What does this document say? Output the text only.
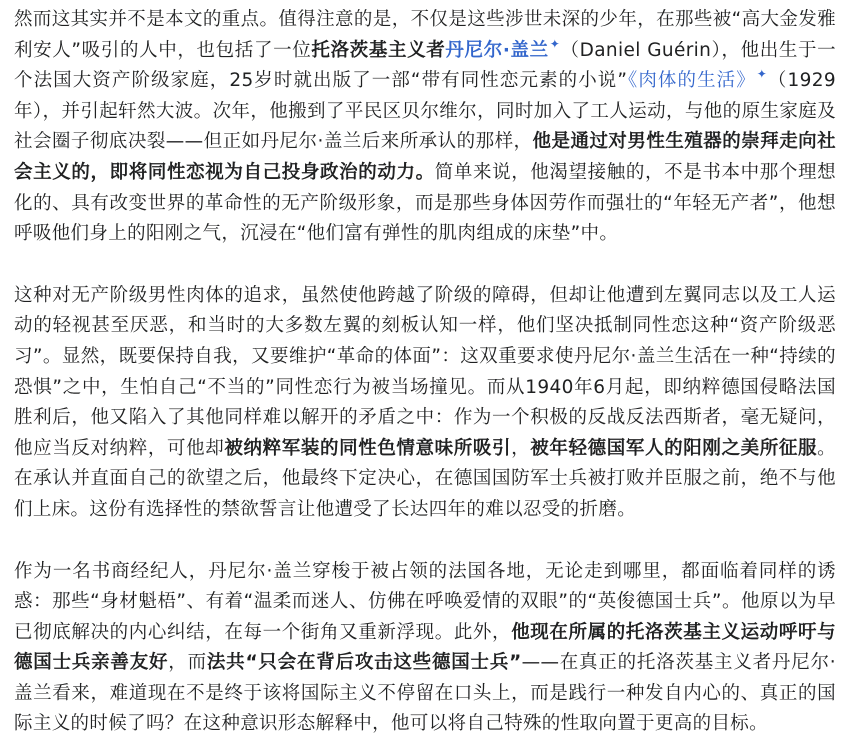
然而这其实并不是本文的重点。值得注意的是，不仅是这些涉世未深的少年，在那些被“高大金发雅利安人”吸引的人中，也包括了一位托洛茨基主义者丹尼尔·盖兰✦（Daniel Guérin），他出生于一个法国大资产阶级家庭，25岁时就出版了一部“带有同性恋元素的小说”《肉体的生活》✦（1929年），并引起轩然大波。次年，他搬到了平民区贝尔维尔，同时加入了工人运动，与他的原生家庭及社会圈子彻底决裂——但正如丹尼尔·盖兰后来所承认的那样，他是通过对男性生殖器的崇拜走向社会主义的，即将同性恋视为自己投身政治的动力。简单来说，他渴望接触的，不是书本中那个理想化的、具有改变世界的革命性的无产阶级形象，而是那些身体因劳作而强壮的“年轻无产者”，他想呼吸他们身上的阳刚之气，沉浸在“他们富有弹性的肌肉组成的床垫”中。

这种对无产阶级男性肉体的追求，虽然使他跨越了阶级的障碍，但却让他遭到左翼同志以及工人运动的轻视甚至厌恶，和当时的大多数左翼的刻板认知一样，他们坚决抵制同性恋这种“资产阶级恶习”。显然，既要保持自我，又要维护“革命的体面”：这双重要求使丹尼尔·盖兰生活在一种“持续的恐惧”之中，生怕自己“不当的”同性恋行为被当场撞见。而从1940年6月起，即纳粹德国侵略法国胜利后，他又陷入了其他同样难以解开的矛盾之中：作为一个积极的反战反法西斯者，毫无疑问，他应当反对纳粹，可他却被纳粹军装的同性色情意味所吸引，被年轻德国军人的阳刚之美所征服。在承认并直面自己的欲望之后，他最终下定决心，在德国国防军士兵被打败并臣服之前，绝不与他们上床。这份有选择性的禁欲誓言让他遭受了长达四年的难以忍受的折磨。

作为一名书商经纪人，丹尼尔·盖兰穿梭于被占领的法国各地，无论走到哪里，都面临着同样的诱惑：那些“身材魁梧”、有着“温柔而迷人、仿佛在呼唤爱情的双眼”的“英俊德国士兵”。他原以为早已彻底解决的内心纠结，在每一个街角又重新浮现。此外，他现在所属的托洛茨基主义运动呼吁与德国士兵亲善友好，而法共“只会在背后攻击这些德国士兵”——在真正的托洛茨基主义者丹尼尔·盖兰看来，难道现在不是终于该将国际主义不停留在口头上，而是践行一种发自内心的、真正的国际主义的时候了吗？在这种意识形态解释中，他可以将自己特殊的性取向置于更高的目标。
